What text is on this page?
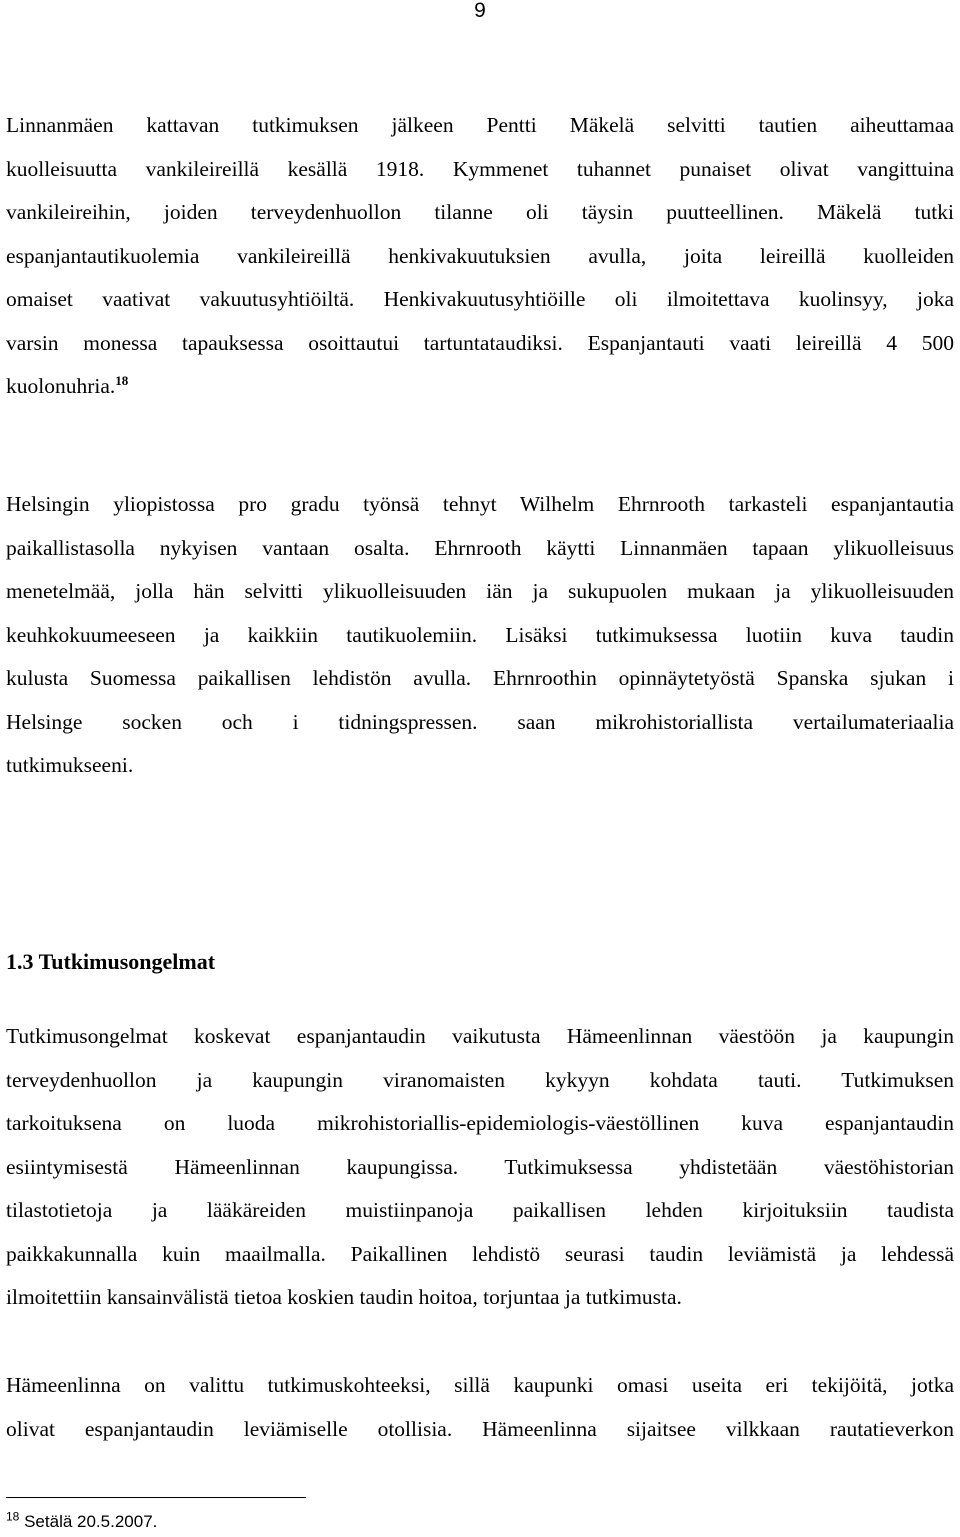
9

Linnanmäen kattavan tutkimuksen jälkeen Pentti Mäkelä selvitti tautien aiheuttamaa
kuolleisuutta vankileireillä kesällä 1918. Kymmenet tuhannet punaiset olivat vangittuina
vankileireihin, joiden terveydenhuollon tilanne oli täysin puutteellinen. Mäkelä tutki
espanjantautikuolemia vankileireillä henkivakuutuksien avulla, joita leireillä kuolleiden
omaiset vaativat vakuutusyhtiöiltä. Henkivakuutusyhtiöille oli ilmoitettava kuolinsyy, joka
varsin monessa tapauksessa osoittautui tartuntataudiksi. Espanjantauti vaati leireillä 4 500
kuolonuhria.$^{18}$

Helsingin yliopistossa pro gradu työnsä tehnyt Wilhelm Ehrnrooth tarkasteli espanjantautia
paikallistasolla nykyisen vantaan osalta. Ehrnrooth käytti Linnanmäen tapaan ylikuolleisuus
menetelmää, jolla hän selvitti ylikuolleisuuden iän ja sukupuolen mukaan ja ylikuolleisuuden
keuhkokuumeeseen ja kaikkiin tautikuolemiin. Lisäksi tutkimuksessa luotiin kuva taudin
kulusta Suomessa paikallisen lehdistön avulla. Ehrnroothin opinnäytetyöstä Spanska sjukan i
Helsinge socken och i tidningspressen. saan mikrohistoriallista vertailumateriaalia
tutkimukseeni.

1.3 Tutkimusongelmat

Tutkimusongelmat koskevat espanjantaudin vaikutusta Hämeenlinnan väestöön ja kaupungin
terveydenhuollon ja kaupungin viranomaisten kykyyn kohdata tauti. Tutkimuksen
tarkoituksena on luoda mikrohistoriallis-epidemiologis-väestöllinen kuva espanjantaudin
esiintymisestä Hämeenlinnan kaupungissa. Tutkimuksessa yhdistetään väestöhistorian
tilastotietoja ja lääkäreiden muistiinpanoja paikallisen lehden kirjoituksiin taudista
paikkakunnalla kuin maailmalla. Paikallinen lehdistö seurasi taudin leviämistä ja lehdessä
ilmoitettiin kansainvälistä tietoa koskien taudin hoitoa, torjuntaa ja tutkimusta.

Hämeenlinna on valittu tutkimuskohteeksi, sillä kaupunki omasi useita eri tekijöitä, jotka
olivat espanjantaudin leviämiselle otollisia. Hämeenlinna sijaitsee vilkkaan rautatieverkon

$^{18}$ Setälä 20.5.2007.
